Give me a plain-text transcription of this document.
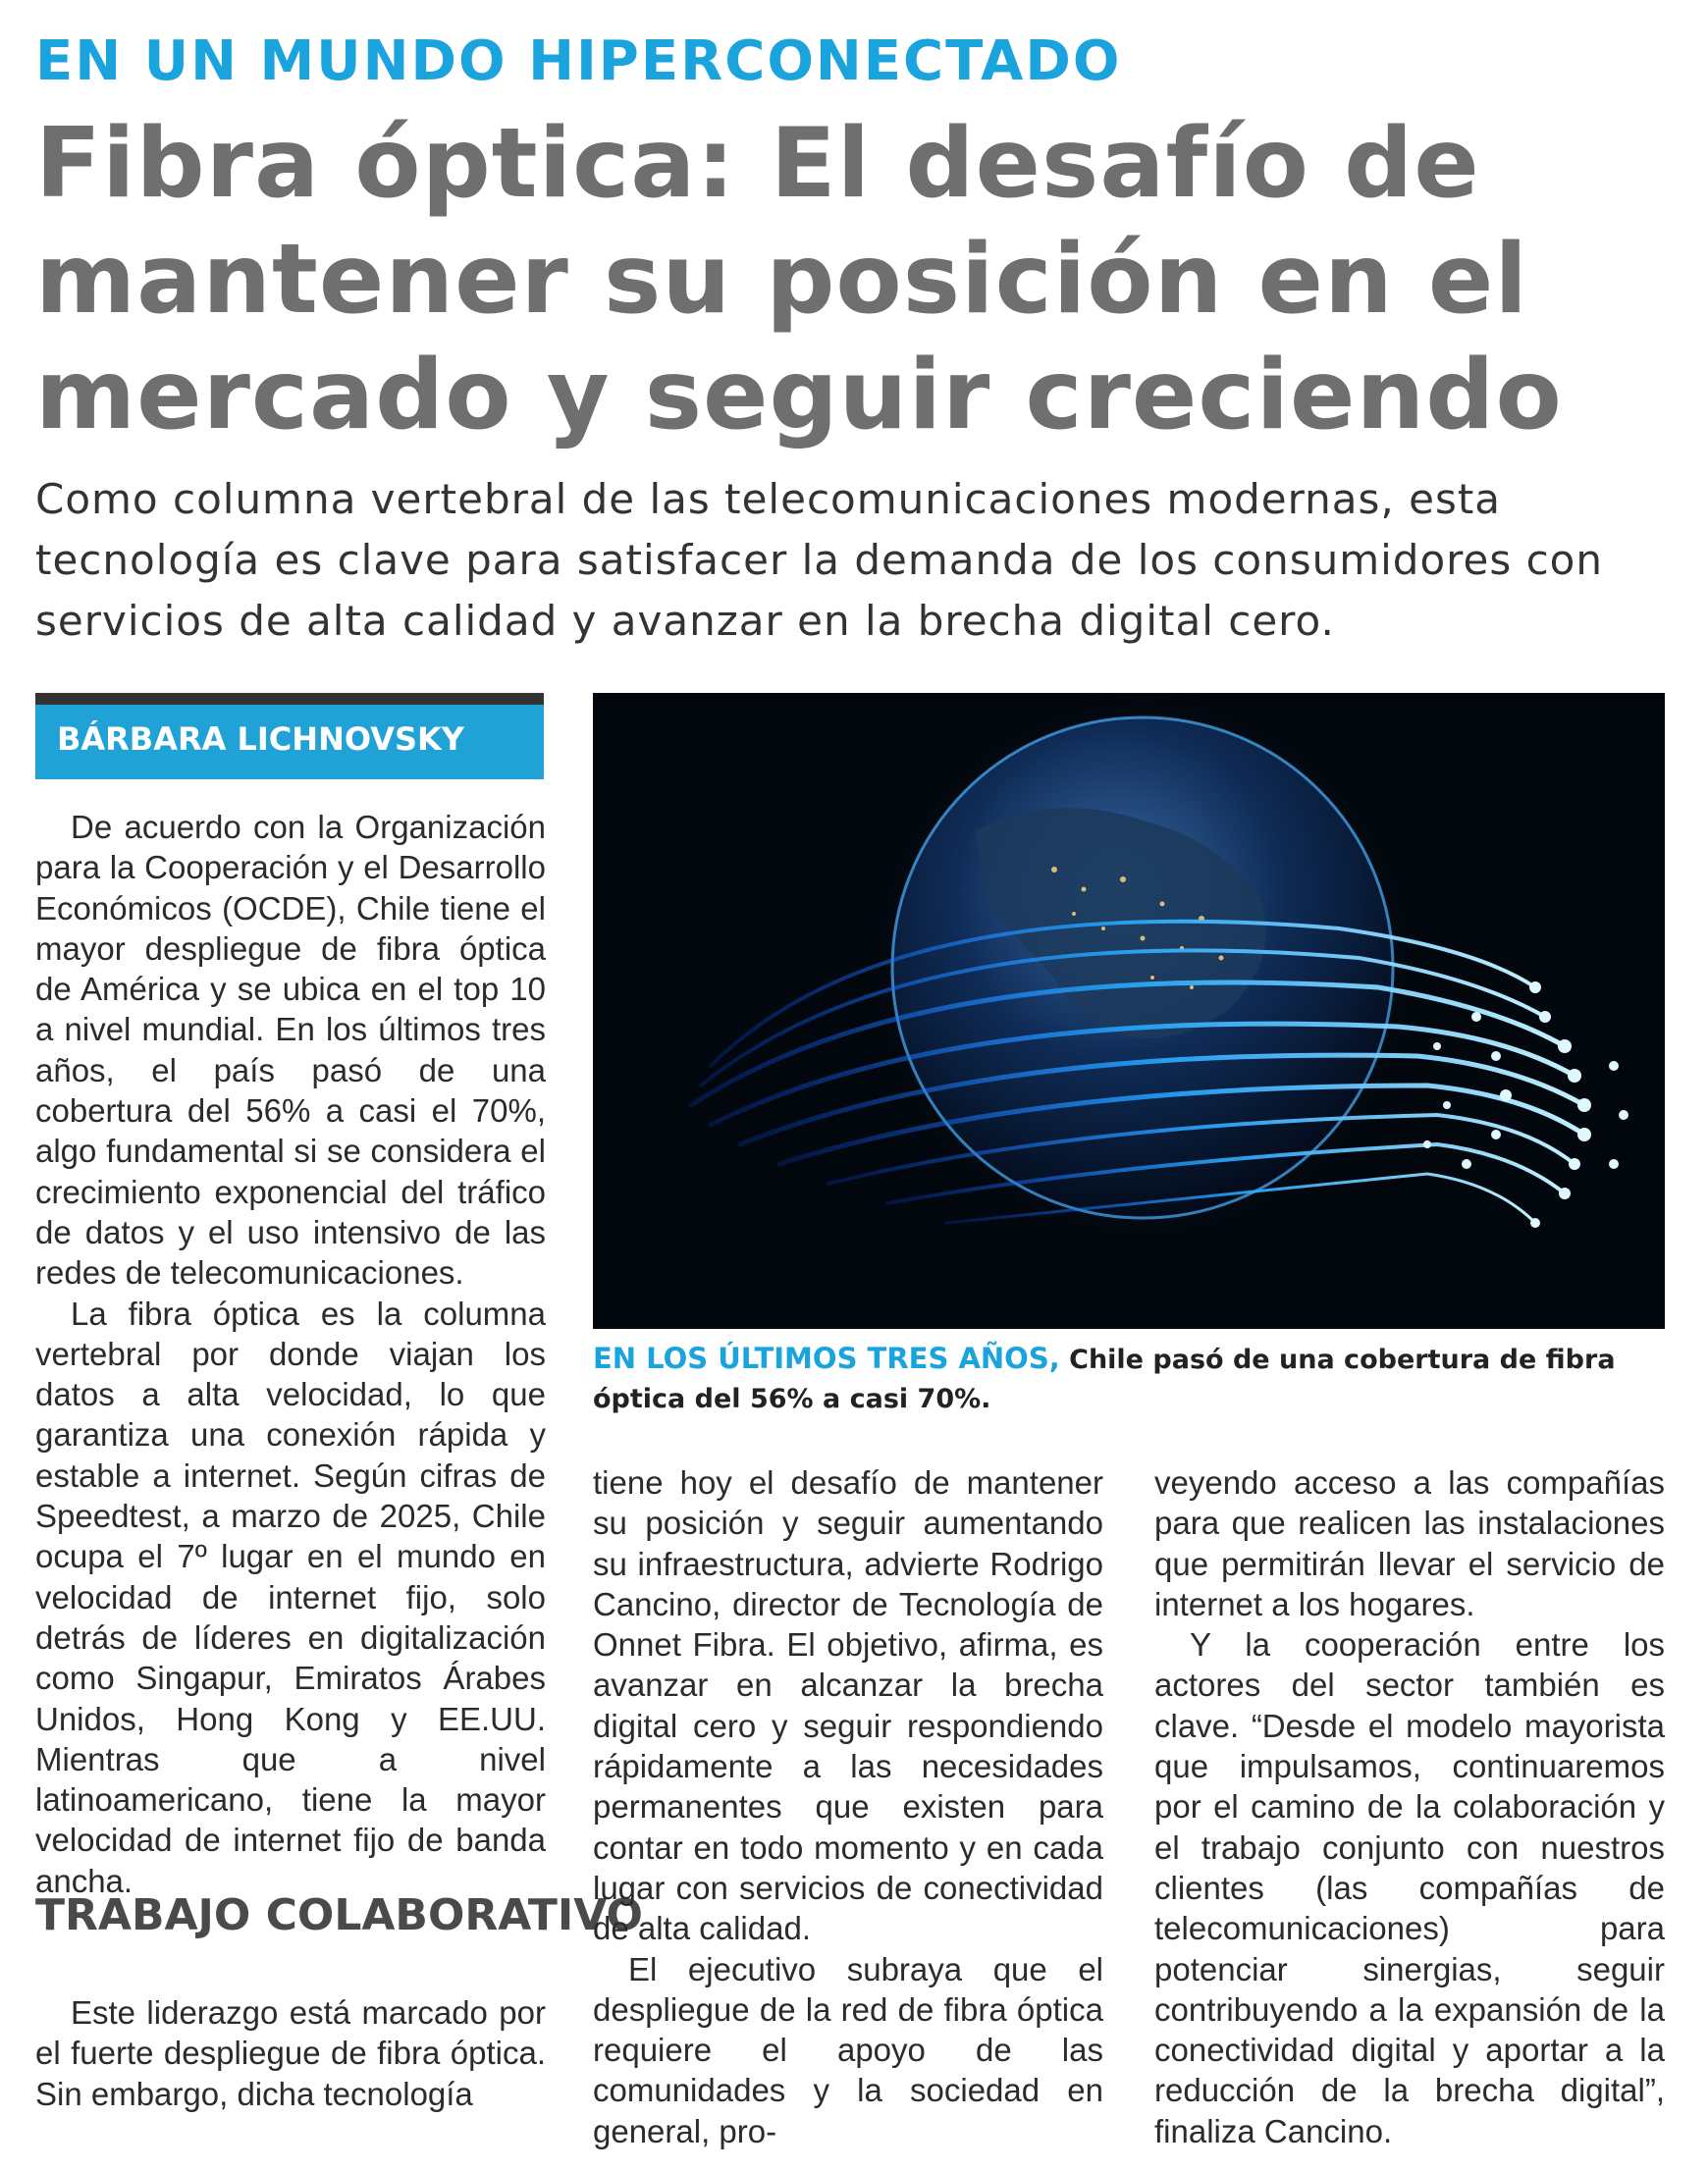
EN UN MUNDO HIPERCONECTADO
Fibra óptica: El desafío de mantener su posición en el mercado y seguir creciendo

Como columna vertebral de las telecomunicaciones modernas, esta tecnología es clave para satisfacer la demanda de los consumidores con servicios de alta calidad y avanzar en la brecha digital cero.

BÁRBARA LICHNOVSKY

De acuerdo con la Organización para la Cooperación y el Desarrollo Económicos (OCDE), Chile tiene el mayor despliegue de fibra óptica de América y se ubica en el top 10 a nivel mundial. En los últimos tres años, el país pasó de una cobertura del 56% a casi el 70%, algo fundamental si se considera el crecimiento exponencial del tráfico de datos y el uso intensivo de las redes de telecomunicaciones.

La fibra óptica es la columna vertebral por donde viajan los datos a alta velocidad, lo que garantiza una conexión rápida y estable a internet. Según cifras de Speedtest, a marzo de 2025, Chile ocupa el 7º lugar en el mundo en velocidad de internet fijo, solo detrás de líderes en digitalización como Singapur, Emiratos Árabes Unidos, Hong Kong y EE.UU. Mientras que a nivel latinoamericano, tiene la mayor velocidad de internet fijo de banda ancha.

TRABAJO COLABORATIVO

Este liderazgo está marcado por el fuerte despliegue de fibra óptica. Sin embargo, dicha tecnología

EN LOS ÚLTIMOS TRES AÑOS, Chile pasó de una cobertura de fibra óptica del 56% a casi 70%.

tiene hoy el desafío de mantener su posición y seguir aumentando su infraestructura, advierte Rodrigo Cancino, director de Tecnología de Onnet Fibra. El objetivo, afirma, es avanzar en alcanzar la brecha digital cero y seguir respondiendo rápidamente a las necesidades permanentes que existen para contar en todo momento y en cada lugar con servicios de conectividad de alta calidad.

El ejecutivo subraya que el despliegue de la red de fibra óptica requiere el apoyo de las comunidades y la sociedad en general, pro-

veyendo acceso a las compañías para que realicen las instalaciones que permitirán llevar el servicio de internet a los hogares.

Y la cooperación entre los actores del sector también es clave. “Desde el modelo mayorista que impulsamos, continuaremos por el camino de la colaboración y el trabajo conjunto con nuestros clientes (las compañías de telecomunicaciones) para potenciar sinergias, seguir contribuyendo a la expansión de la conectividad digital y aportar a la reducción de la brecha digital”, finaliza Cancino.
